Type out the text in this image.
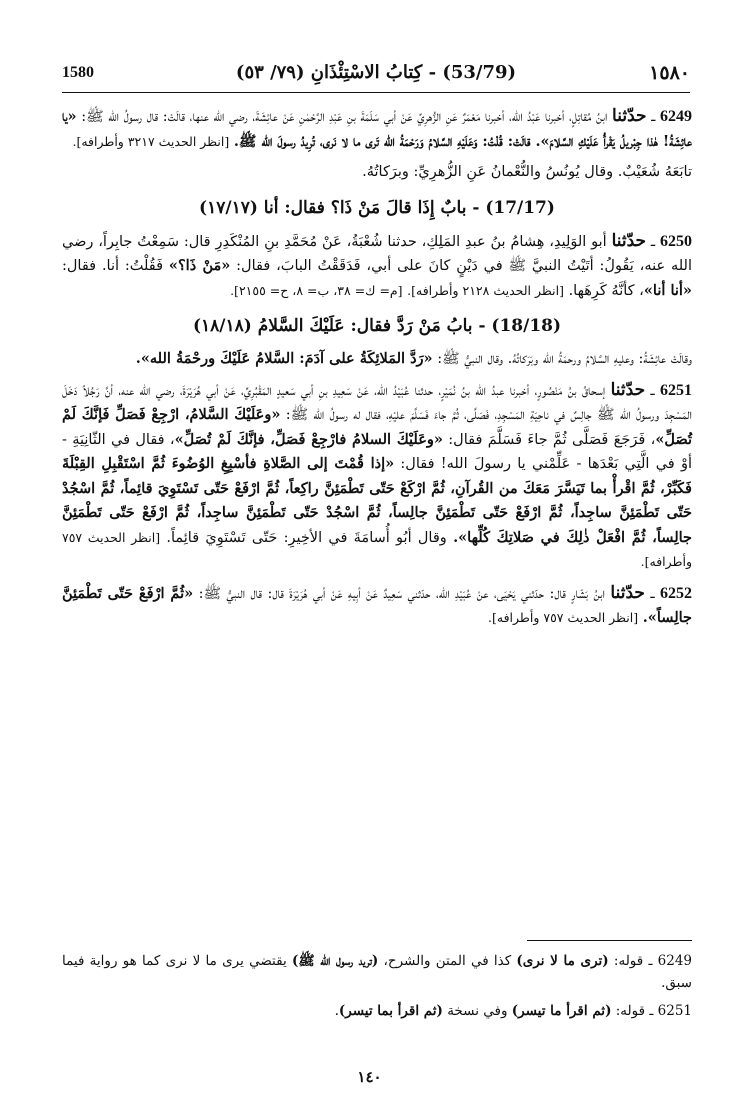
١٥٨٠
(53/79) - كِتابُ الاسْتِئْذَانِ (٧٩/ ٥٣)
1580

6249 ـ حدّثنا ابنُ مُقاتِلٍ، أخبرنا عَبْدُ الله، أخبرنا مَعْمَرٌ عَنِ الزُّهرِيِّ عَنْ أبي سَلَمَةَ بنِ عَبْدِ الرَّحْمٰنِ عَنْ عائِشَةَ، رضي الله عنها، قالَتْ: قال رسولُ الله ﷺ: «يا عائِشَةُ! هٰذا جِبْريلُ يَقْرأُ عَلَيْكِ السَّلامَ». قالَتْ: قُلْتُ: وَعَلَيْهِ السَّلامُ وَرَحْمَةُ الله تَرى ما لا نَرى، تُرِيدُ رسولَ الله ﷺ. [انظر الحديث ٣٢١٧ وأطرافه].

تابَعَهُ شُعَيْبٌ. وقال يُونُسُ والنُّعْمانُ عَنِ الزُّهرِيِّ: وبرَكاتُهُ.

(17/17) - بابٌ إِذَا قالَ مَنْ ذَا؟ فقال: أنا (١٧/١٧)

6250 ـ حدّثنا أبو الوَلِيدِ، هِشامُ بنُ عبدِ المَلِكِ، حدثنا شُعْبَةُ، عَنْ مُحَمَّدِ بنِ المُنْكَدِرِ قال: سَمِعْتُ جابِراً، رضي الله عنه، يَقُولُ: أتَيْتُ النبيَّ ﷺ في دَيْنٍ كانَ على أبي، فَدَقَقْتُ البابَ، فقال: «مَنْ ذَا؟» فَقُلْتُ: أنا. فقال: «أنا أنا»، كأنَّهُ كَرِهَها. [انظر الحديث ٢١٢٨ وأطرافه]. [م= ك= ٣٨، ب= ٨، ح= ٢١٥٥].

(18/18) - بابُ مَنْ رَدَّ فقال: عَلَيْكَ السَّلامُ (١٨/١٨)

وقالَتْ عائِشَةُ: وعليهِ السَّلامُ ورحمَةُ الله وبَرَكاتُهُ. وقال النبيُّ ﷺ: «رَدَّ المَلائِكَةُ على آدَمَ: السَّلامُ عَلَيْكَ ورحْمَةُ الله».

6251 ـ حدّثنا إسحاقُ بنُ مَنْصُورٍ، أخبرنا عبدُ الله بنُ نُمَيْرٍ، حدثنا عُبَيْدُ الله، عَنْ سَعِيدِ بنِ أبي سَعيدٍ المَقْبُرِيِّ، عَنْ أبي هُرَيْرَةَ، رضي الله عنه، أنَّ رَجُلاً دَخَلَ المَسْجِدَ ورسولُ الله ﷺ جالِسٌ في ناحِيَةِ المَسْجِدِ، فَصَلَّى، ثُمَّ جاءَ فَسَلَّمَ عليْهِ، فقال له رسولُ الله ﷺ: «وعَلَيْكَ السَّلامُ، ارْجِعْ فَصَلِّ فَإنَّكَ لَمْ تُصَلِّ»، فَرَجَعَ فَصَلَّى ثُمَّ جاءَ فَسَلَّمَ فقال: «وعَلَيْكَ السلامُ فارْجِعْ فَصَلِّ، فإنَّكَ لَمْ تُصَلِّ»، فقال في الثّانِيَةِ - أوْ في الَّتِي بَعْدَها - عَلِّمْني يا رسولَ الله! فقال: «إذا قُمْتَ إلى الصَّلاةِ فأسْبِغِ الوُضُوءَ ثُمَّ اسْتَقْبِلِ القِبْلَةَ فَكَبِّرْ، ثُمَّ اقْرأْ بما تَيَسَّرَ مَعَكَ من القُرآنِ، ثُمَّ ارْكَعْ حَتّى تَطْمَئِنَّ راكِعاً، ثُمَّ ارْفَعْ حَتّى تَسْتَوِيَ قائِماً، ثُمَّ اسْجُدْ حَتّى تَطْمَئِنَّ ساجِداً، ثُمَّ ارْفَعْ حَتّى تَطْمَئِنَّ جالِساً، ثُمَّ اسْجُدْ حَتّى تَطْمَئِنَّ ساجِداً، ثُمَّ ارْفَعْ حَتّى تَطْمَئِنَّ جالِساً، ثُمَّ افْعَلْ ذٰلِكَ في صَلاتِكَ كُلِّها». وقال أبُو أُسامَةَ في الأخِيرِ: حَتّى تَسْتَوِيَ قائِماً. [انظر الحديث ٧٥٧ وأطرافه].

6252 ـ حدّثنا ابنُ بَشّارٍ قال: حدّثني يَحْيَى، عنْ عُبَيْدِ الله، حدّثني سَعِيدٌ عَنْ أبِيهِ عَنْ أبي هُرَيْرَةَ قال: قال النبيُّ ﷺ: «ثُمَّ ارْفَعْ حَتّى تَطْمَئِنَّ جالِساً». [انظر الحديث ٧٥٧ وأطرافه].

6249 ـ قوله: (ترى ما لا نرى) كذا في المتن والشرح، (تريد رسول الله ﷺ) يقتضي يرى ما لا نرى كما هو رواية فيما سبق.

6251 ـ قوله: (ثم اقرأ ما تيسر) وفي نسخة (ثم اقرأ بما تيسر).

١٤٠
